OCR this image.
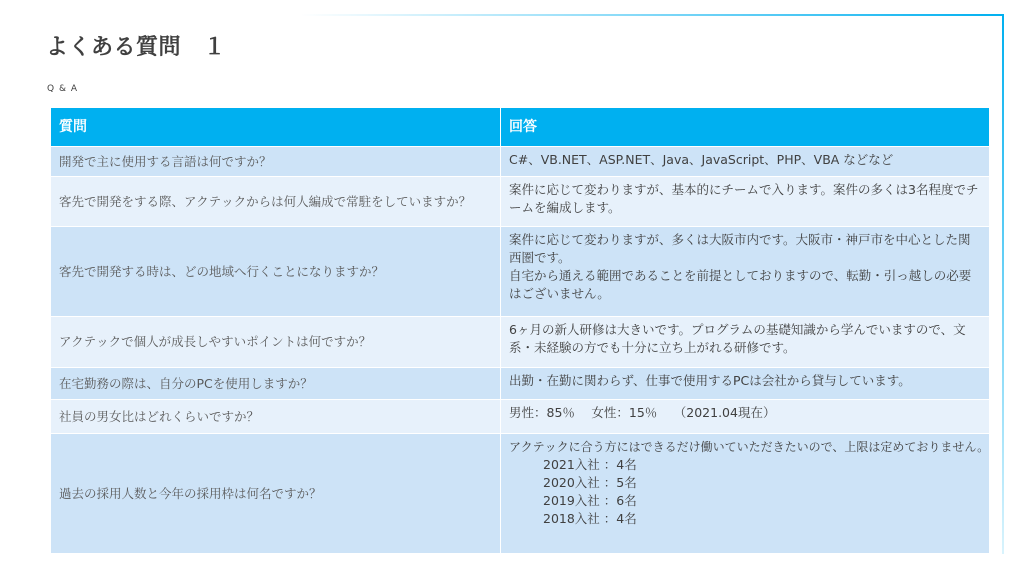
よくある質問　１
Q & A
質問	回答
開発で主に使用する言語は何ですか？	C#、VB.NET、ASP.NET、Java、JavaScript、PHP、VBA などなど

客先で開発をする際、アクテックからは何人編成で常駐をしていますか？	案件に応じて変わりますが、基本的にチームで入ります。案件の多くは3名程度でチームを編成します。

客先で開発する時は、どの地域へ行くことになりますか？	案件に応じて変わりますが、多くは大阪市内です。大阪市・神戸市を中心とした関西圏です。
自宅から通える範囲であることを前提としておりますので、転勤・引っ越しの必要はございません。

アクテックで個人が成長しやすいポイントは何ですか？	6ヶ月の新人研修は大きいです。プログラムの基礎知識から学んでいますので、文系・未経験の方でも十分に立ち上がれる研修です。

在宅勤務の際は、自分のPCを使用しますか？	出勤・在勤に関わらず、仕事で使用するPCは会社から貸与しています。

社員の男女比はどれくらいですか？	男性：85％　 女性：15％　 （2021.04現在）

過去の採用人数と今年の採用枠は何名ですか？	アクテックに合う方にはできるだけ働いていただきたいので、上限は定めておりません。
2021入社 ：4名
2020入社 ：5名
2019入社 ：6名
2018入社 ：4名
